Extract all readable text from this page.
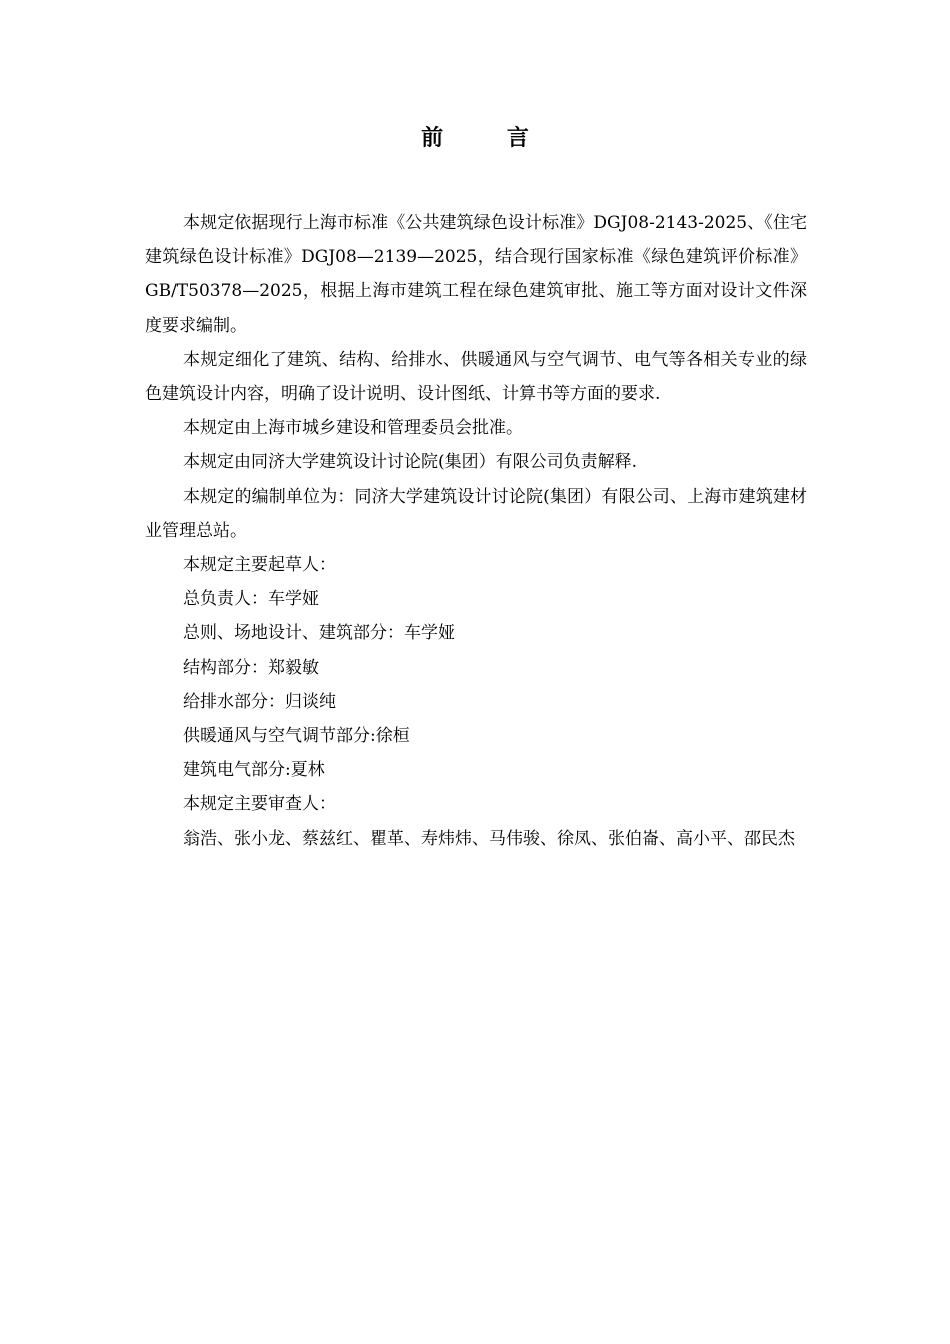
前 言

本规定依据现行上海市标准《公共建筑绿色设计标准》DGJ08-2143-2025、《住宅建筑绿色设计标准》DGJ08—2139—2025，结合现行国家标准《绿色建筑评价标准》GB/T50378—2025，根据上海市建筑工程在绿色建筑审批、施工等方面对设计文件深度要求编制。

本规定细化了建筑、结构、给排水、供暖通风与空气调节、电气等各相关专业的绿色建筑设计内容，明确了设计说明、设计图纸、计算书等方面的要求.

本规定由上海市城乡建设和管理委员会批准。

本规定由同济大学建筑设计讨论院(集团）有限公司负责解释.

本规定的编制单位为：同济大学建筑设计讨论院(集团）有限公司、上海市建筑建材业管理总站。

本规定主要起草人：

总负责人：车学娅

总则、场地设计、建筑部分：车学娅

结构部分：郑毅敏

给排水部分：归谈纯

供暖通风与空气调节部分:徐桓

建筑电气部分:夏林

本规定主要审查人：

翁浩、张小龙、蔡兹红、瞿革、寿炜炜、马伟骏、徐凤、张伯崙、高小平、邵民杰
